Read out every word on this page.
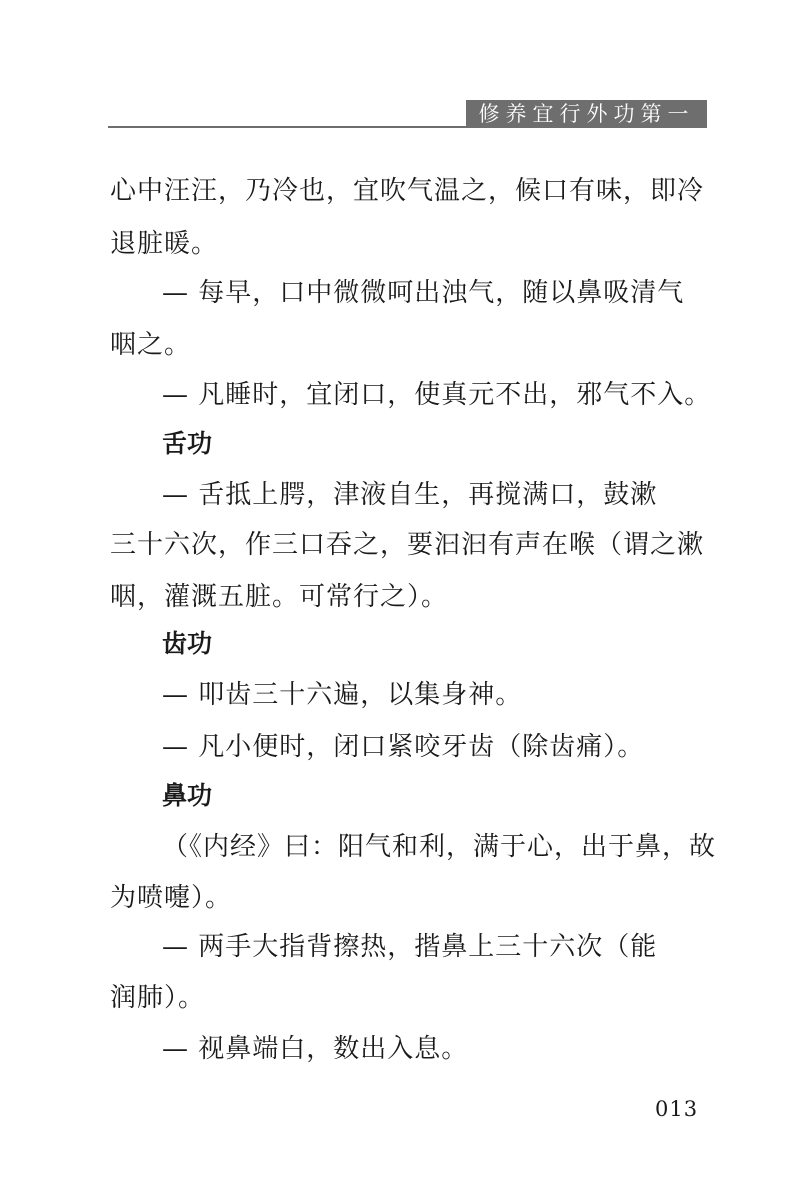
修养宜行外功第一
心中汪汪，乃冷也，宜吹气温之，候口有味，即冷
退脏暖。
— 每早，口中微微呵出浊气，随以鼻吸清气
咽之。
— 凡睡时，宜闭口，使真元不出，邪气不入。
舌功
— 舌抵上腭，津液自生，再搅满口，鼓漱
三十六次，作三口吞之，要汩汩有声在喉（谓之漱
咽，灌溉五脏。可常行之）。
齿功
— 叩齿三十六遍，以集身神。
— 凡小便时，闭口紧咬牙齿（除齿痛）。
鼻功
（《内经》曰：阳气和利，满于心，出于鼻，故
为喷嚏）。
— 两手大指背擦热，揩鼻上三十六次（能
润肺）。
— 视鼻端白，数出入息。
013
